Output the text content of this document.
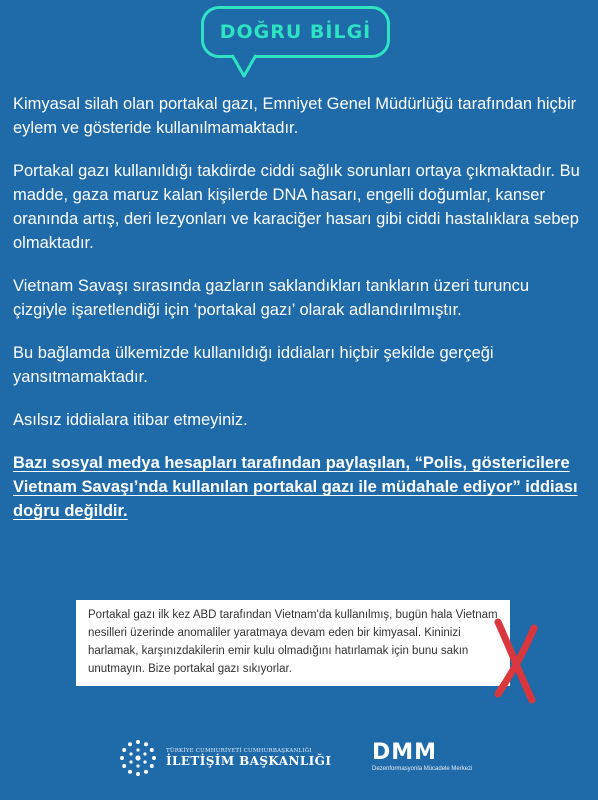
DOĞRU BİLGİ

Kimyasal silah olan portakal gazı, Emniyet Genel Müdürlüğü tarafından hiçbir eylem ve gösteride kullanılmamaktadır.

Portakal gazı kullanıldığı takdirde ciddi sağlık sorunları ortaya çıkmaktadır. Bu madde, gaza maruz kalan kişilerde DNA hasarı, engelli doğumlar, kanser oranında artış, deri lezyonları ve karaciğer hasarı gibi ciddi hastalıklara sebep olmaktadır.

Vietnam Savaşı sırasında gazların saklandıkları tankların üzeri turuncu çizgiyle işaretlendiği için ‘portakal gazı’ olarak adlandırılmıştır.

Bu bağlamda ülkemizde kullanıldığı iddiaları hiçbir şekilde gerçeği yansıtmamaktadır.

Asılsız iddialara itibar etmeyiniz.

Bazı sosyal medya hesapları tarafından paylaşılan, “Polis, göstericilere Vietnam Savaşı’nda kullanılan portakal gazı ile müdahale ediyor” iddiası doğru değildir.

Portakal gazı ilk kez ABD tarafından Vietnam'da kullanılmış, bugün hala Vietnam nesilleri üzerinde anomaliler yaratmaya devam eden bir kimyasal. Kininizi harlamak, karşınızdakilerin emir kulu olmadığını hatırlamak için bunu sakın unutmayın. Bize portakal gazı sıkıyorlar.

TÜRKİYE CUMHURİYETİ CUMHURBAŞKANLIĞI
İLETİŞİM BAŞKANLIĞI DMM
Dezenformasyonla Mücadele Merkezi
